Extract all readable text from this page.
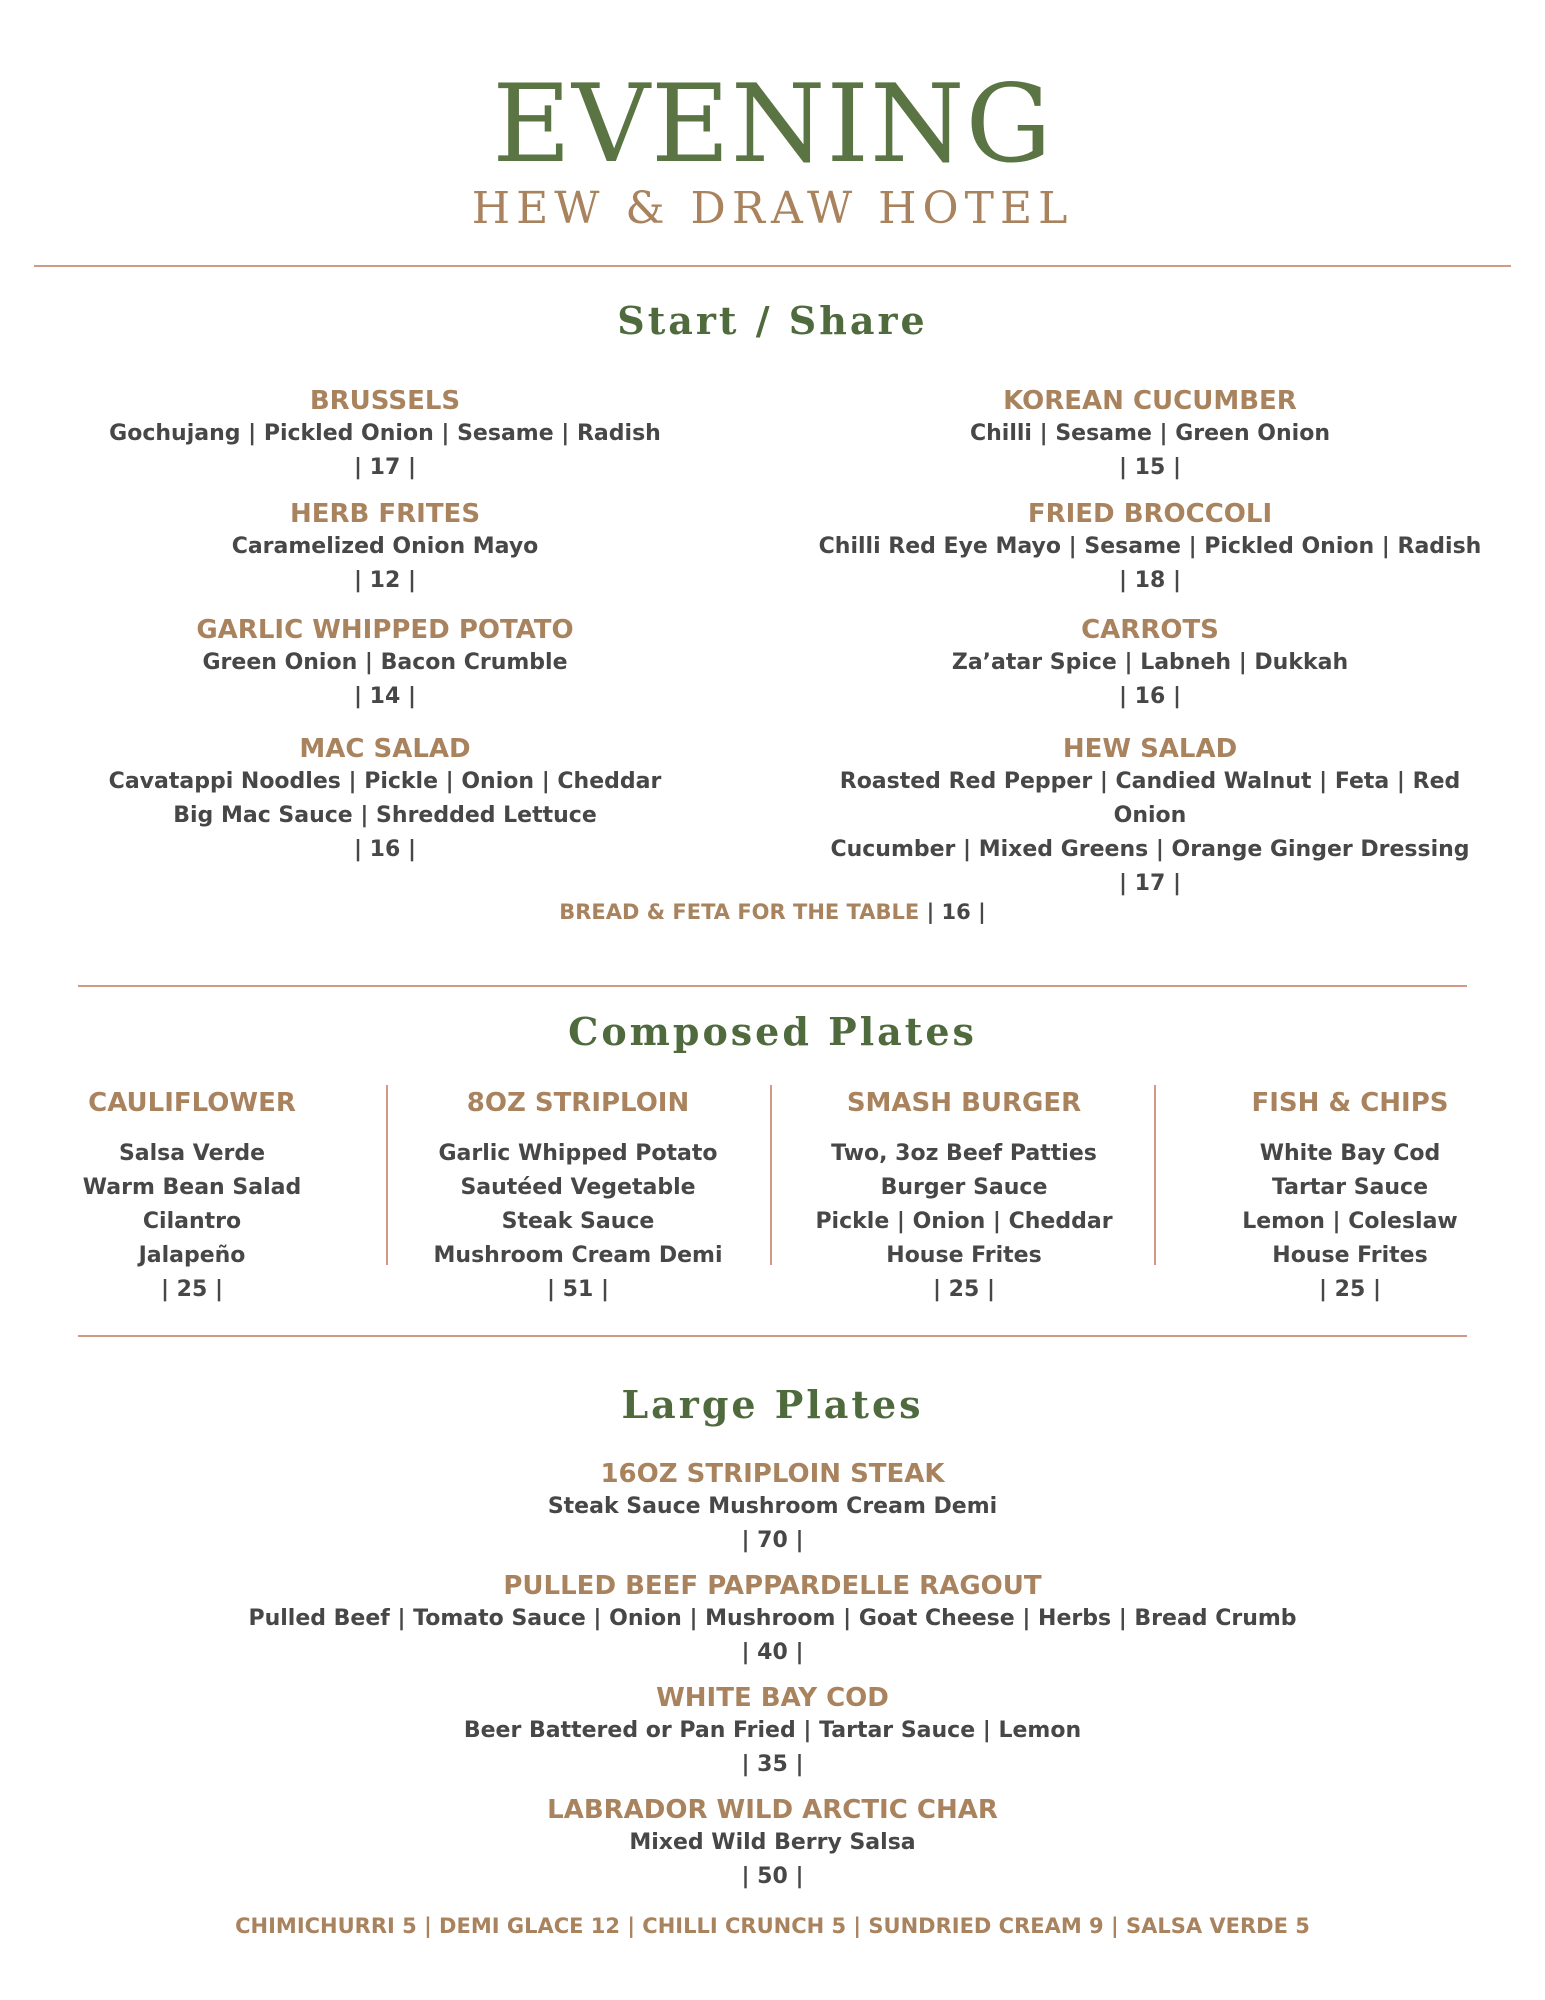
EVENING
HEW & DRAW HOTEL
Start / Share
BRUSSELS
Gochujang | Pickled Onion | Sesame | Radish
| 17 |
HERB FRITES
Caramelized Onion Mayo
| 12 |
GARLIC WHIPPED POTATO
Green Onion | Bacon Crumble
| 14 |
MAC SALAD
Cavatappi Noodles | Pickle | Onion | Cheddar
Big Mac Sauce | Shredded Lettuce
| 16 |
KOREAN CUCUMBER
Chilli | Sesame | Green Onion
| 15 |
FRIED BROCCOLI
Chilli Red Eye Mayo | Sesame | Pickled Onion | Radish
| 18 |
CARROTS
Za’atar Spice | Labneh | Dukkah
| 16 |
HEW SALAD
Roasted Red Pepper | Candied Walnut | Feta | Red Onion
Cucumber | Mixed Greens | Orange Ginger Dressing
| 17 |
BREAD & FETA FOR THE TABLE | 16 |
Composed Plates
CAULIFLOWER
Salsa Verde
Warm Bean Salad
Cilantro
Jalapeño
| 25 |
8OZ STRIPLOIN
Garlic Whipped Potato
Sautéed Vegetable
Steak Sauce
Mushroom Cream Demi
| 51 |
SMASH BURGER
Two, 3oz Beef Patties
Burger Sauce
Pickle | Onion | Cheddar
House Frites
| 25 |
FISH & CHIPS
White Bay Cod
Tartar Sauce
Lemon | Coleslaw
House Frites
| 25 |
Large Plates
16OZ STRIPLOIN STEAK
Steak Sauce Mushroom Cream Demi
| 70 |
PULLED BEEF PAPPARDELLE RAGOUT
Pulled Beef | Tomato Sauce | Onion | Mushroom | Goat Cheese | Herbs | Bread Crumb
| 40 |
WHITE BAY COD
Beer Battered or Pan Fried | Tartar Sauce | Lemon
| 35 |
LABRADOR WILD ARCTIC CHAR
Mixed Wild Berry Salsa
| 50 |
CHIMICHURRI 5 | DEMI GLACE 12 | CHILLI CRUNCH 5 | SUNDRIED CREAM 9 | SALSA VERDE 5
